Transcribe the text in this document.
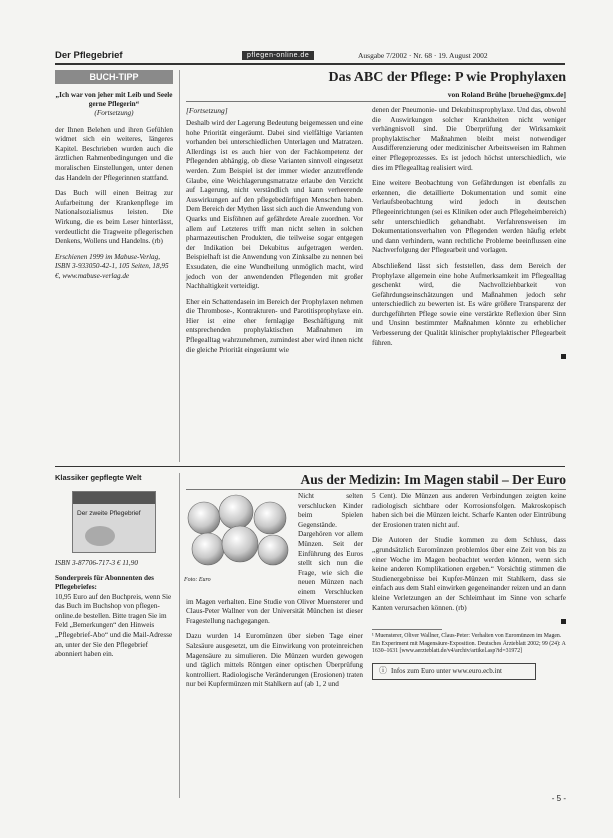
Der Pflegebrief	pflegen-online.de	Ausgabe 7/2002 · Nr. 68 · 19. August 2002
BUCH-TIPP
„Ich war von jeher mit Leib und Seele gerne Pflegerin“
(Fortsetzung)

der Ihnen Belehen und ihren Gefühlen widmet sich ein weiteres, längeres Kapitel. Beschrieben wurden auch die ärztlichen Rahmenbedingungen und die moralischen Einstellungen, unter denen das Handeln der Pflegerinnen stattfand.

Das Buch will einen Beitrag zur Aufarbeitung der Krankenpflege im Nationalsozialismus leisten. Die Wirkung, die es beim Leser hinterlässt, verdeutlicht die Tragweite pflegerischen Denkens, Wollens und Handelns. (rb)

Erschienen 1999 im Mabuse-Verlag, ISBN 3-933050-42-1, 105 Seiten, 18,95 €, www.mabuse-verlag.de

Das ABC der Pflege: P wie Prophylaxen
von Roland Brühe [bruehe@gmx.de]
[Fortsetzung]

Deshalb wird der Lagerung Bedeutung beigemessen und eine hohe Priorität eingeräumt. Dabei sind vielfältige Varianten vorhanden bei unterschiedlichen Unterlagen und Matratzen. Allerdings ist es auch hier von der Fachkompetenz der Pflegenden abhängig, ob diese Varianten sinnvoll eingesetzt werden. Zum Beispiel ist der immer wieder anzutreffende Glaube, eine Weichlagerungsmatratze erlaube den Verzicht auf Lagerung, nicht verständlich und kann verheerende Auswirkungen auf den pflegebedürftigen Menschen haben. Dem Bereich der Mythen lässt sich auch die Anwendung von Quarks und Eisföhnen auf gefährdete Areale zuordnen. Vor allem auf Letzteres trifft man nicht selten in solchen pharmazeutischen Produkten, die teilweise sogar entgegen der Indikation bei Dekubitus aufgetragen werden. Beispielhaft ist die Anwendung von Zinksalbe zu nennen bei Exsudaten, die eine Wundheilung unmöglich macht, wird jedoch von der anwendenden Pflegenden mit großer Nachhaltigkeit verteidigt.

Eher ein Schattendasein im Bereich der Prophylaxen nehmen die Thrombose-, Kontrakturen- und Parotitisprophylaxe ein. Hier ist eine eher fernlagige Beschäftigung mit entsprechenden prophylaktischen Maßnahmen im Pflegealltag wahrzunehmen, zumindest aber wird ihnen nicht die gleiche Priorität eingeräumt wie

denen der Pneumonie- und Dekubitusprophylaxe. Und das, obwohl die Auswirkungen solcher Krankheiten nicht weniger verhängnisvoll sind. Die Überprüfung der Wirksamkeit prophylaktischer Maßnahmen bleibt meist notwendiger Ausdifferenzierung oder medizinischer Arbeitsweisen im Rahmen einer Pflegeprozesses. Es ist jedoch höchst unterschiedlich, wie dies im Pflegealltag realisiert wird.

Eine weitere Beobachtung von Gefährdungen ist ebenfalls zu erkennen, die detaillierte Dokumentation und somit eine Verlaufsbeobachtung wird jedoch in deutschen Pflegeeinrichtungen (sei es Kliniken oder auch Pflegeheimbereich) sehr unterschiedlich gehandhabt. Verfahrensweisen im Dokumentationsverhalten von Pflegenden werden häufig erlebt und dann verhindern, wann rechtliche Probleme beeinflussen eine Nachverfolgung der Pflegearbeit und vorlagen.

Abschließend lässt sich feststellen, dass dem Bereich der Prophylaxe allgemein eine hohe Aufmerksamkeit im Pflegealltag geschenkt wird, die Nachvollziehbarkeit von Gefährdungseinschätzungen und Maßnahmen jedoch sehr unterschiedlich zu bewerten ist. Es wäre größere Transparenz der durchgeführten Pflege sowie eine verstärkte Reflexion über Sinn und Unsinn bestimmter Maßnahmen könnte zu erheblicher Verbesserung der Qualität klinischer prophylaktischer Pflegearbeit führen.

Klassiker gepflegte Welt
Der zweite Pflegebrief
ISBN 3-87706-717-3 € 11,90
Sonderpreis für Abonnenten des Pflegebriefes:

10,95 Euro auf den Buchpreis, wenn Sie das Buch im Buchshop von pflegen-online.de bestellen. Bitte tragen Sie im Feld „Bemerkungen“ den Hinweis „Pflegebrief-Abo“ und die Mail-Adresse an, unter der Sie den Pflegebrief abonniert haben ein.

Aus der Medizin: Im Magen stabil – Der Euro
Foto: Euro

Nicht selten verschlucken Kinder beim Spielen Gegenstände. Dargehören vor allem Münzen. Seit der Einführung des Euros stellt sich nun die Frage, wie sich die neuen Münzen nach einem Verschlucken im Magen verhalten. Eine Studie von Oliver Muensterer und Claus-Peter Wallner von der Universität München ist dieser Fragestellung nachgegangen.

Dazu wurden 14 Euromünzen über sieben Tage einer Salzsäure ausgesetzt, um die Einwirkung von proteinreichen Magensäure zu simulieren. Die Münzen wurden gewogen und täglich mittels Röntgen einer optischen Überprüfung kontrolliert. Radiologische Veränderungen (Erosionen) traten nur bei Kupfermünzen mit Stahlkern auf (ab 1, 2 und

5 Cent). Die Münzen aus anderen Verbindungen zeigten keine radiologisch sichtbare oder Korrosionsfolgen. Makroskopisch haben sich bei die Münzen leicht. Scharfe Kanten oder Eintrübung der Erosionen traten nicht auf.

Die Autoren der Studie kommen zu dem Schluss, dass ,,grundsätzlich Euromünzen problemlos über eine Zeit von bis zu einer Woche im Magen beobachtet werden können, wenn sich keine anderen Komplikationen ergeben.“ Vorsichtig stimmen die Studienergebnisse bei Kupfer-Münzen mit Stahlkern, dass sie einfach aus dem Stahl einwirken gegeneinander reizen und an dann kleine Verletzungen an der Schleimhaut im Sinne von scharfe Kanten verursachen können. (rb)

¹ Muensterer, Oliver Wallner, Claus-Peter: Verhalten von Euromünzen im Magen. Ein Experiment mit Magensäure-Exposition. Deutsches Ärzteblatt 2002; 99 (24): A 1630–1631 [www.aerzteblatt.de/v4/archiv/artikel.asp?id=31972]

ⓘ Infos zum Euro unter www.euro.ecb.int
- 5 -
